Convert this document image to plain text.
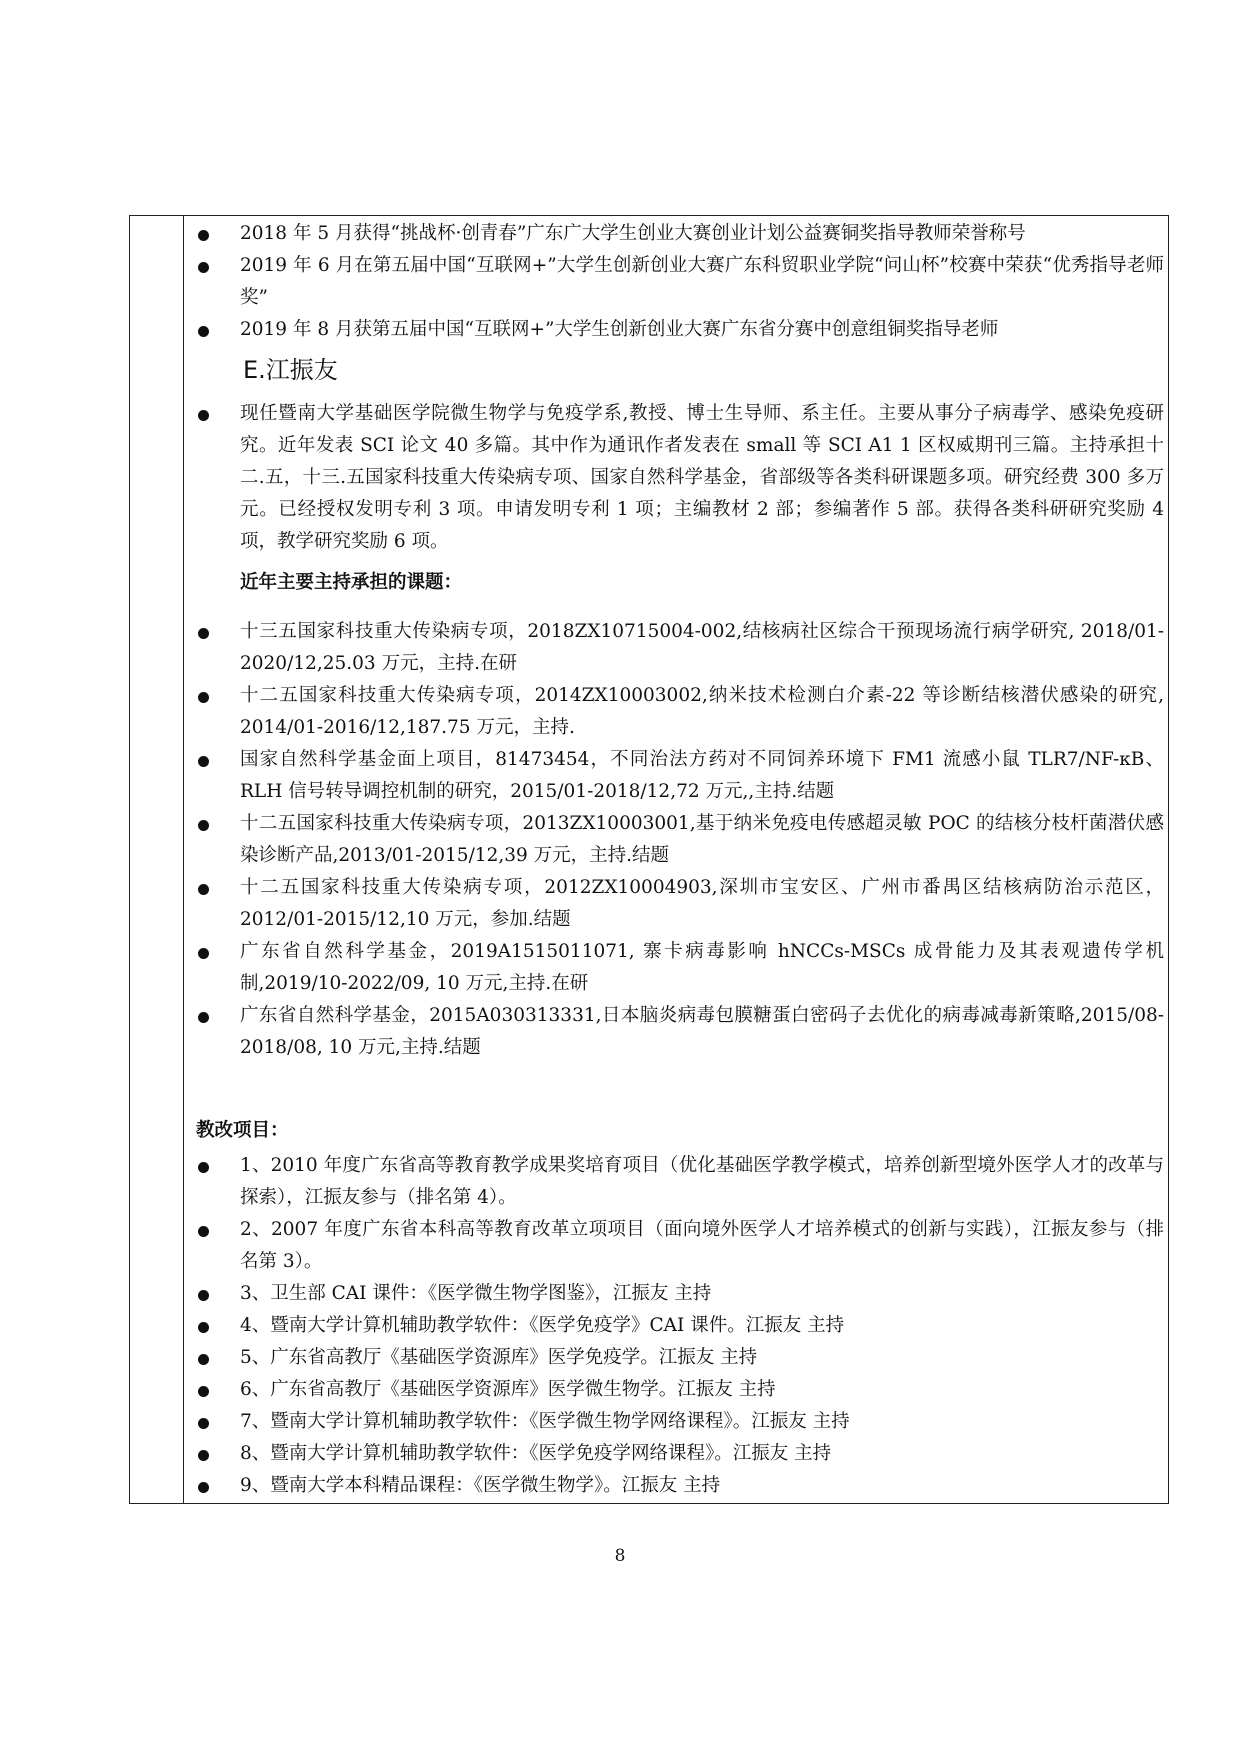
2018 年 5 月获得“挑战杯·创青春”广东广大学生创业大赛创业计划公益赛铜奖指导教师荣誉称号
2019 年 6 月在第五届中国“互联网+”大学生创新创业大赛广东科贸职业学院“问山杯”校赛中荣获“优秀指导老师奖”
2019 年 8 月获第五届中国“互联网+”大学生创新创业大赛广东省分赛中创意组铜奖指导老师
E.江振友
现任暨南大学基础医学院微生物学与免疫学系,教授、博士生导师、系主任。主要从事分子病毒学、感染免疫研究。近年发表 SCI 论文 40 多篇。其中作为通讯作者发表在 small 等 SCI A1 1 区权威期刊三篇。主持承担十二.五，十三.五国家科技重大传染病专项、国家自然科学基金，省部级等各类科研课题多项。研究经费 300 多万元。已经授权发明专利 3 项。申请发明专利 1 项；主编教材 2 部；参编著作 5 部。获得各类科研研究奖励 4 项，教学研究奖励 6 项。
近年主要主持承担的课题：
十三五国家科技重大传染病专项，2018ZX10715004-002,结核病社区综合干预现场流行病学研究, 2018/01-2020/12,25.03 万元，主持.在研
十二五国家科技重大传染病专项，2014ZX10003002,纳米技术检测白介素-22 等诊断结核潜伏感染的研究, 2014/01-2016/12,187.75 万元，主持.
国家自然科学基金面上项目，81473454，不同治法方药对不同饲养环境下 FM1 流感小鼠 TLR7/NF-κB、RLH 信号转导调控机制的研究，2015/01-2018/12,72 万元,,主持.结题
十二五国家科技重大传染病专项，2013ZX10003001,基于纳米免疫电传感超灵敏 POC 的结核分枝杆菌潜伏感染诊断产品,2013/01-2015/12,39 万元，主持.结题
十二五国家科技重大传染病专项，2012ZX10004903,深圳市宝安区、广州市番禺区结核病防治示范区，2012/01-2015/12,10 万元，参加.结题
广东省自然科学基金，2019A1515011071, 寨卡病毒影响 hNCCs-MSCs 成骨能力及其表观遗传学机制,2019/10-2022/09, 10 万元,主持.在研
广东省自然科学基金，2015A030313331,日本脑炎病毒包膜糖蛋白密码子去优化的病毒减毒新策略,2015/08-2018/08, 10 万元,主持.结题
教改项目：
1、2010 年度广东省高等教育教学成果奖培育项目（优化基础医学教学模式，培养创新型境外医学人才的改革与探索），江振友参与（排名第 4）。
2、2007 年度广东省本科高等教育改革立项项目（面向境外医学人才培养模式的创新与实践），江振友参与（排名第 3）。
3、卫生部 CAI 课件：《医学微生物学图鉴》，江振友 主持
4、暨南大学计算机辅助教学软件：《医学免疫学》CAI 课件。江振友 主持
5、广东省高教厅《基础医学资源库》医学免疫学。江振友 主持
6、广东省高教厅《基础医学资源库》医学微生物学。江振友 主持
7、暨南大学计算机辅助教学软件：《医学微生物学网络课程》。江振友 主持
8、暨南大学计算机辅助教学软件：《医学免疫学网络课程》。江振友 主持
9、暨南大学本科精品课程：《医学微生物学》。江振友 主持
8
